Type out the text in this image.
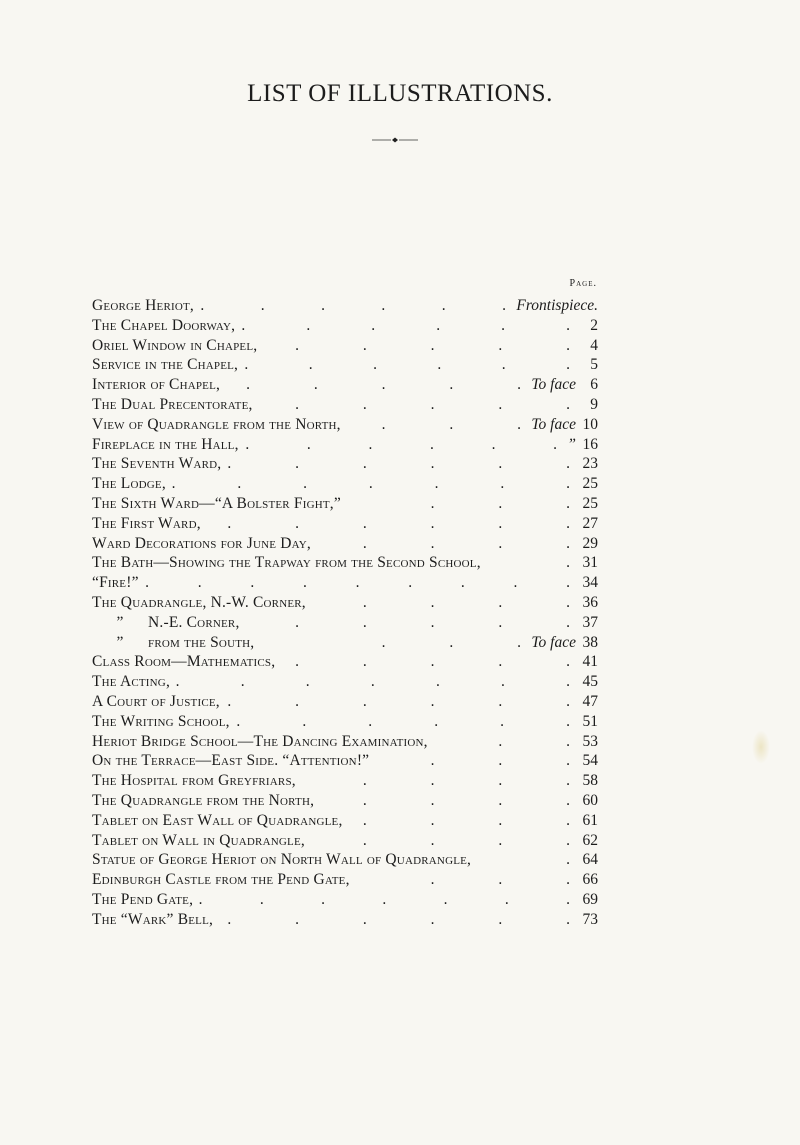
LIST OF ILLUSTRATIONS.
Page.
George Heriot, . . . . . . Frontispiece.
The Chapel Doorway, . . . . . .	2
Oriel Window in Chapel, . . . . .	4
Service in the Chapel, . . . . . .	5
Interior of Chapel, . . . . . To face 6
The Dual Precentorate,	. . . . .	9
View of Quadrangle from the North,	. . . To face 10
Fireplace in the Hall, . . . . . . ” 16
The Seventh Ward, . . . . . . 23
The Lodge, . . . . . . . 25
The Sixth Ward—“A Bolster Fight,”	. . . 25
The First Ward, . . . . . . 27
Ward Decorations for June Day,	. . . . 29
The Bath—Showing the Trapway from the Second School,	. 31
“Fire!” . . . . . . . . . 34
The Quadrangle, N.-W. Corner,	. . . . 36
” N.-E. Corner,	. . . . . 37
” from the South,	. . . To face 38
Class Room—Mathematics, . . . . . 41
The Acting, . . . . . . . 45
A Court of Justice, . . . . . . 47
The Writing School, . . . . . . 51
Heriot Bridge School—The Dancing Examination,	. . 53
On the Terrace—East Side. “Attention!”	. . . 54
The Hospital from Greyfriars,	. . . . 58
The Quadrangle from the North,	. . . . 60
Tablet on East Wall of Quadrangle, . . . . 61
Tablet on Wall in Quadrangle,	. . . . 62
Statue of George Heriot on North Wall of Quadrangle,	. 64
Edinburgh Castle from the Pend Gate,	. . . 66
The Pend Gate, . . . . . . . 69
The “Wark” Bell, . . . . . . 73
